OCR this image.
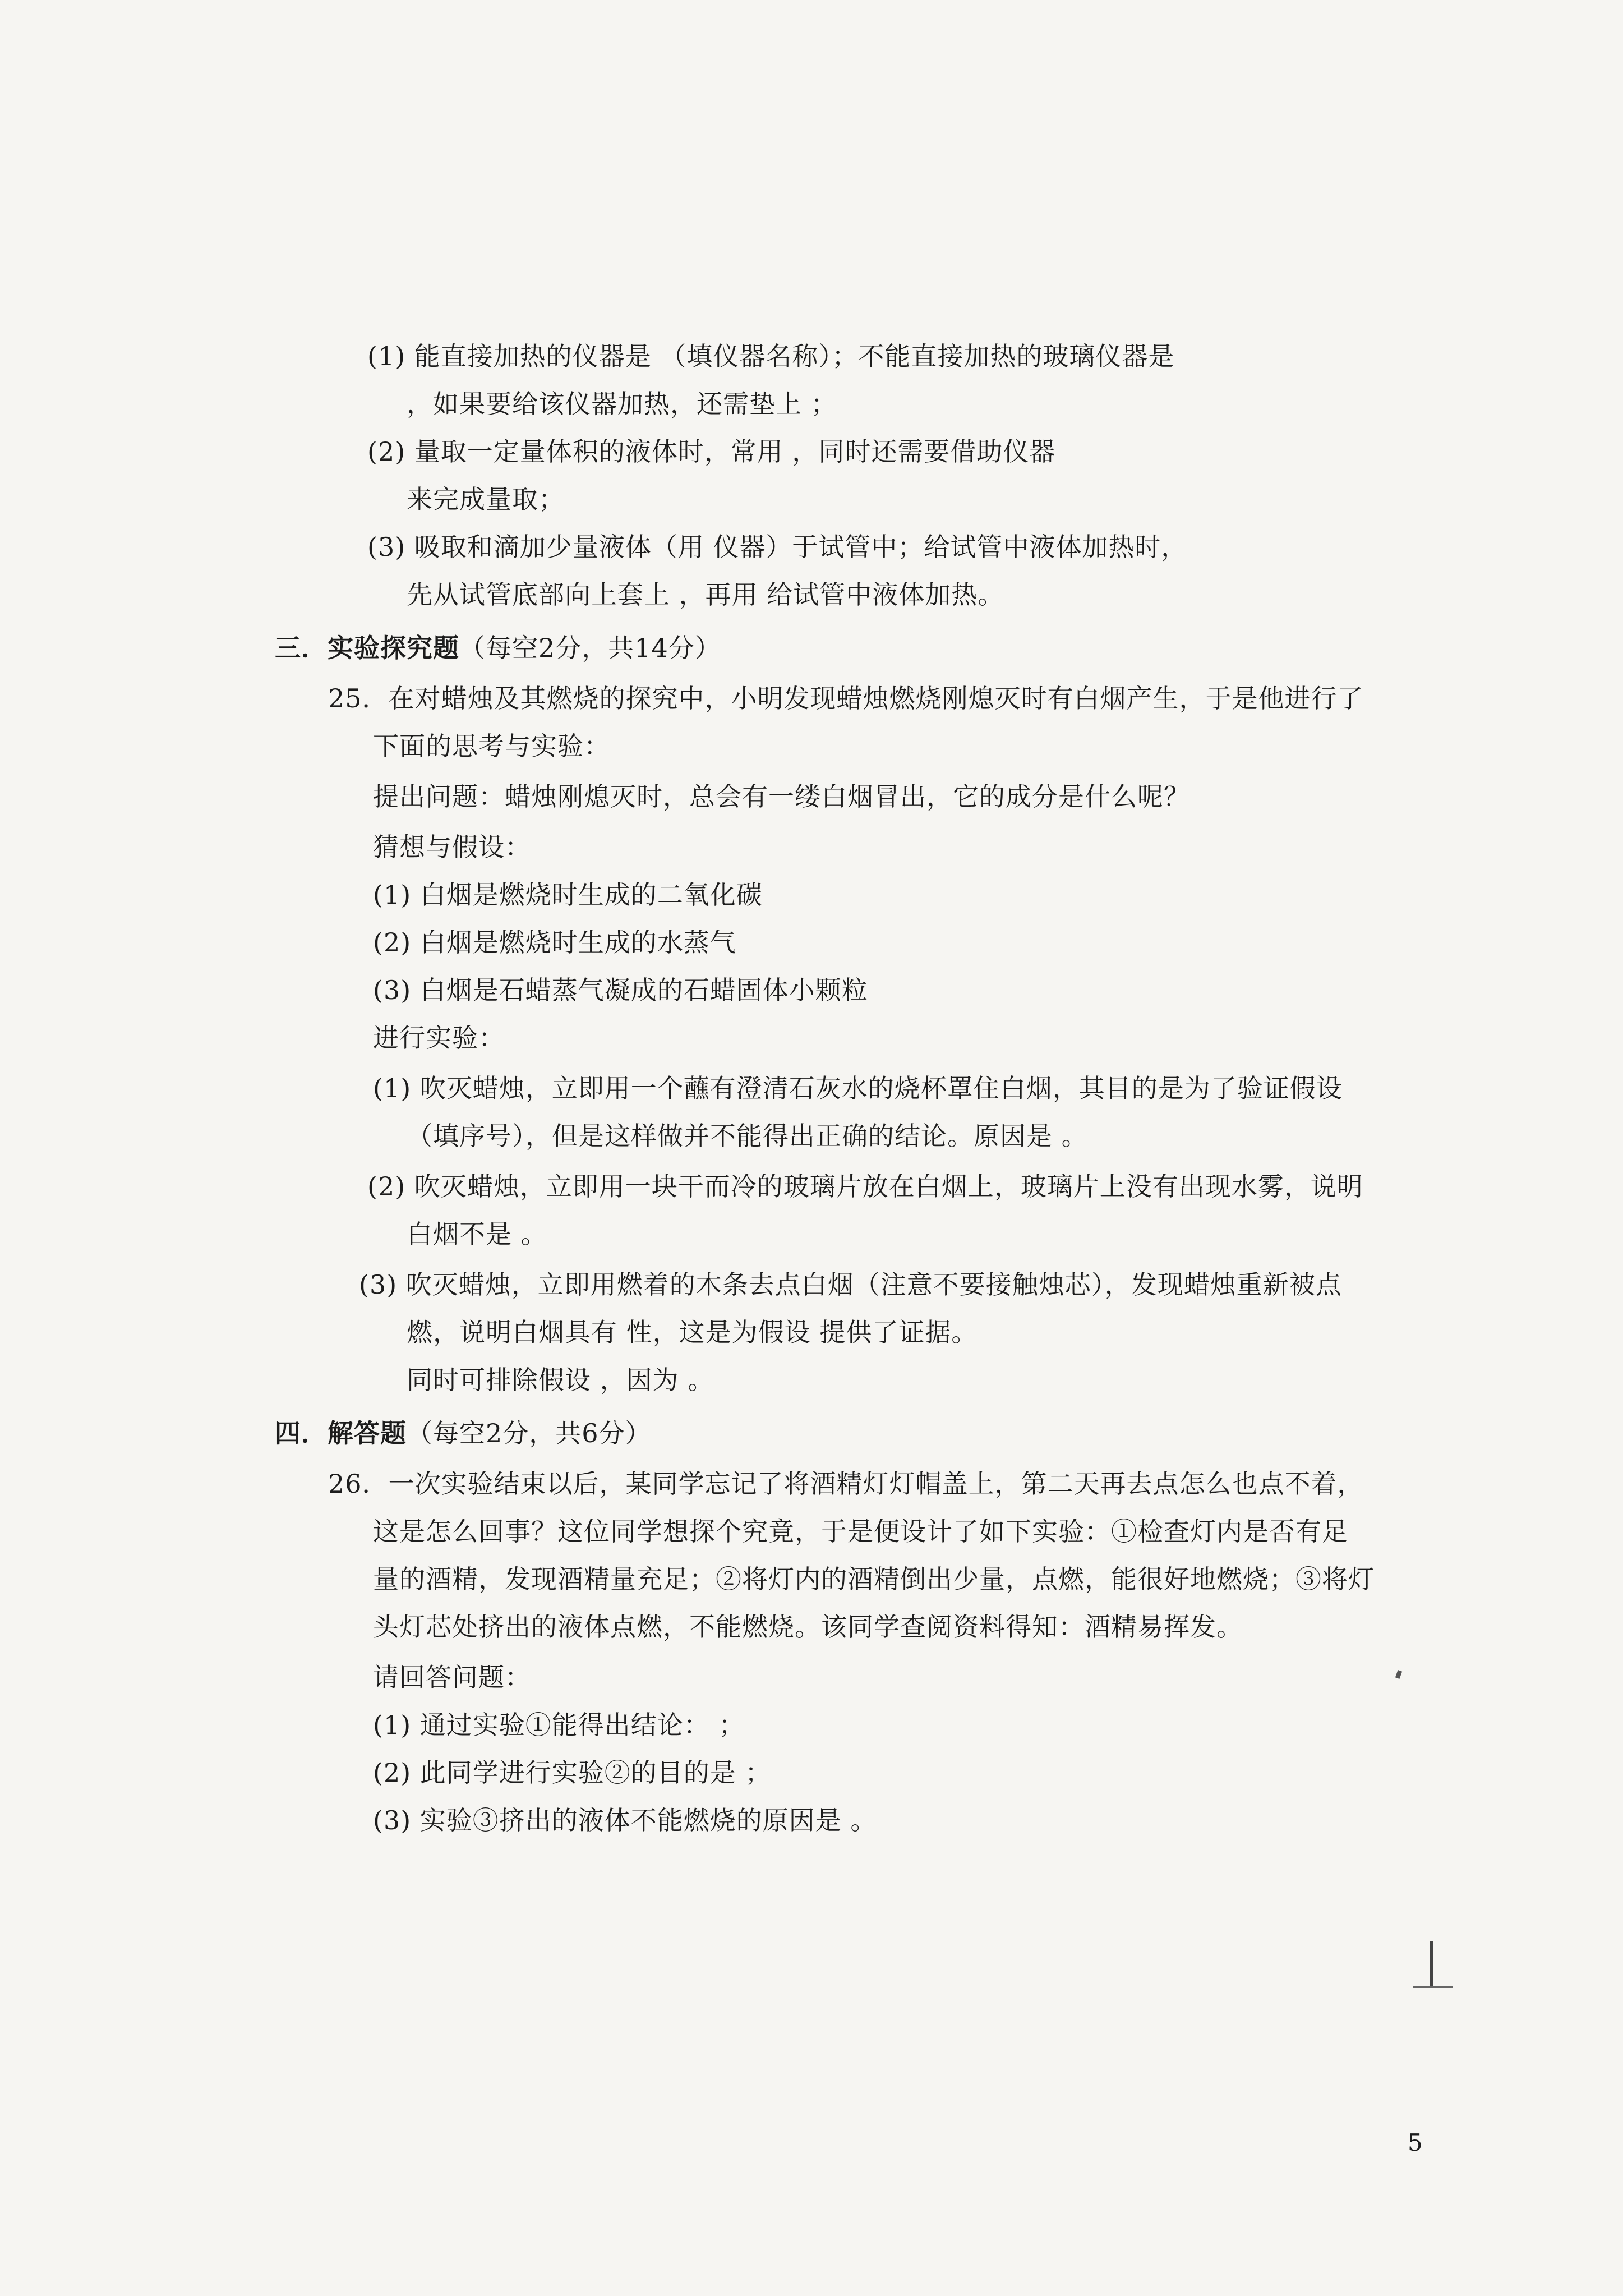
(1) 能直接加热的仪器是 （填仪器名称）；不能直接加热的玻璃仪器是
，如果要给该仪器加热，还需垫上 ；
(2) 量取一定量体积的液体时，常用 ，同时还需要借助仪器
来完成量取；
(3) 吸取和滴加少量液体（用 仪器）于试管中；给试管中液体加热时，
先从试管底部向上套上 ，再用 给试管中液体加热。
三．实验探究题（每空2分，共14分）
25．在对蜡烛及其燃烧的探究中，小明发现蜡烛燃烧刚熄灭时有白烟产生，于是他进行了
下面的思考与实验：
提出问题：蜡烛刚熄灭时，总会有一缕白烟冒出，它的成分是什么呢？
猜想与假设：
(1) 白烟是燃烧时生成的二氧化碳
(2) 白烟是燃烧时生成的水蒸气
(3) 白烟是石蜡蒸气凝成的石蜡固体小颗粒
进行实验：
(1) 吹灭蜡烛，立即用一个蘸有澄清石灰水的烧杯罩住白烟，其目的是为了验证假设
（填序号），但是这样做并不能得出正确的结论。原因是 。
(2) 吹灭蜡烛，立即用一块干而冷的玻璃片放在白烟上，玻璃片上没有出现水雾，说明
白烟不是 。
(3) 吹灭蜡烛，立即用燃着的木条去点白烟（注意不要接触烛芯），发现蜡烛重新被点
燃，说明白烟具有 性，这是为假设 提供了证据。
同时可排除假设 ，因为 。
四．解答题（每空2分，共6分）
26．一次实验结束以后，某同学忘记了将酒精灯灯帽盖上，第二天再去点怎么也点不着，
这是怎么回事？这位同学想探个究竟，于是便设计了如下实验：①检查灯内是否有足
量的酒精，发现酒精量充足；②将灯内的酒精倒出少量，点燃，能很好地燃烧；③将灯
头灯芯处挤出的液体点燃，不能燃烧。该同学查阅资料得知：酒精易挥发。
请回答问题：
(1) 通过实验①能得出结论： ；
(2) 此同学进行实验②的目的是 ；
(3) 实验③挤出的液体不能燃烧的原因是 。
5
